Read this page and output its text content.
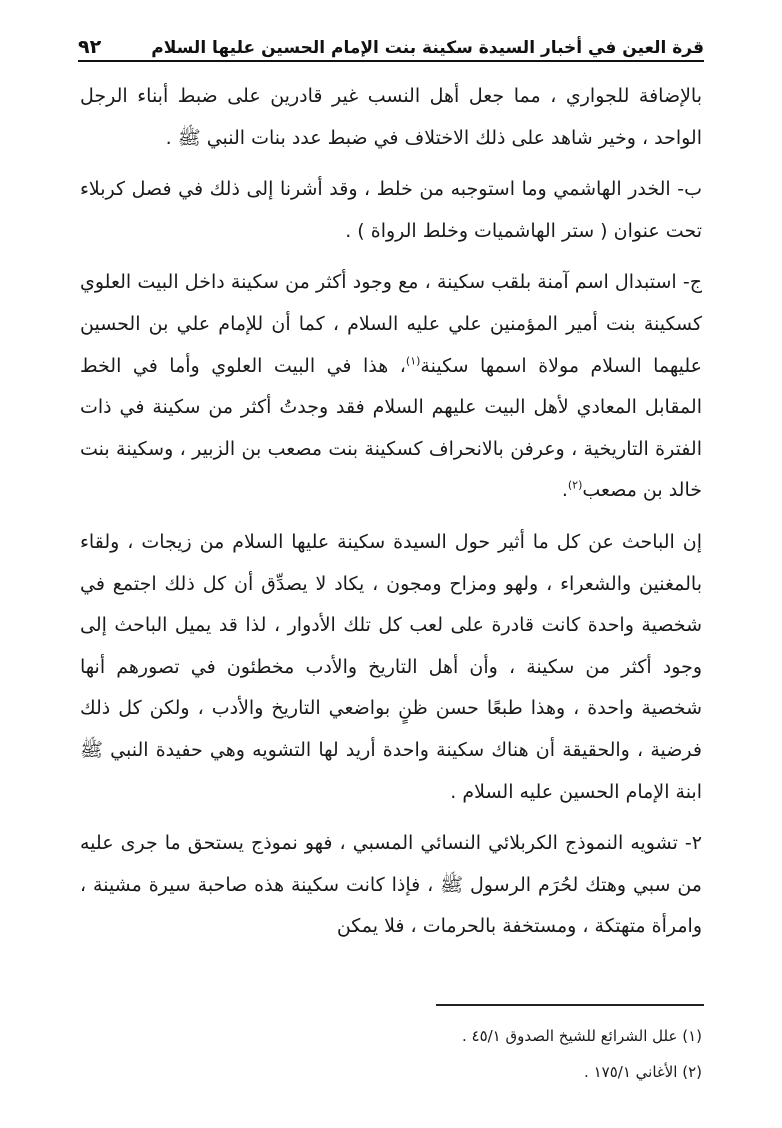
قرة العين في أخبار السيدة سكينة بنت الإمام الحسين عليها السلام
٩٢

بالإضافة للجواري ، مما جعل أهل النسب غير قادرين على ضبط أبناء الرجل الواحد ، وخير شاهد على ذلك الاختلاف في ضبط عدد بنات النبي ﷺ .

ب- الخدر الهاشمي وما استوجبه من خلط ، وقد أشرنا إلى ذلك في فصل كربلاء تحت عنوان ( ستر الهاشميات وخلط الرواة ) .

ج- استبدال اسم آمنة بلقب سكينة ، مع وجود أكثر من سكينة داخل البيت العلوي كسكينة بنت أمير المؤمنين علي عليه السلام ، كما أن للإمام علي بن الحسين عليهما السلام مولاة اسمها سكينة$^{(١)}$، هذا في البيت العلوي وأما في الخط المقابل المعادي لأهل البيت عليهم السلام فقد وجدتُ أكثر من سكينة في ذات الفترة التاريخية ، وعرفن بالانحراف كسكينة بنت مصعب بن الزبير ، وسكينة بنت خالد بن مصعب$^{(٢)}$.

إن الباحث عن كل ما أثير حول السيدة سكينة عليها السلام من زيجات ، ولقاء بالمغنين والشعراء ، ولهو ومزاح ومجون ، يكاد لا يصدِّق أن كل ذلك اجتمع في شخصية واحدة كانت قادرة على لعب كل تلك الأدوار ، لذا قد يميل الباحث إلى وجود أكثر من سكينة ، وأن أهل التاريخ والأدب مخطئون في تصورهم أنها شخصية واحدة ، وهذا طبعًا حسن ظنٍ بواضعي التاريخ والأدب ، ولكن كل ذلك فرضية ، والحقيقة أن هناك سكينة واحدة أريد لها التشويه وهي حفيدة النبي ﷺ ابنة الإمام الحسين عليه السلام .

٢- تشويه النموذج الكربلائي النسائي المسبي ، فهو نموذج يستحق ما جرى عليه من سبي وهتك لحُرَم الرسول ﷺ ، فإذا كانت سكينة هذه صاحبة سيرة مشينة ، وامرأة متهتكة ، ومستخفة بالحرمات ، فلا يمكن

(١) علل الشرائع للشيخ الصدوق ٤٥/١ .

(٢) الأغاني ١٧٥/١ .
